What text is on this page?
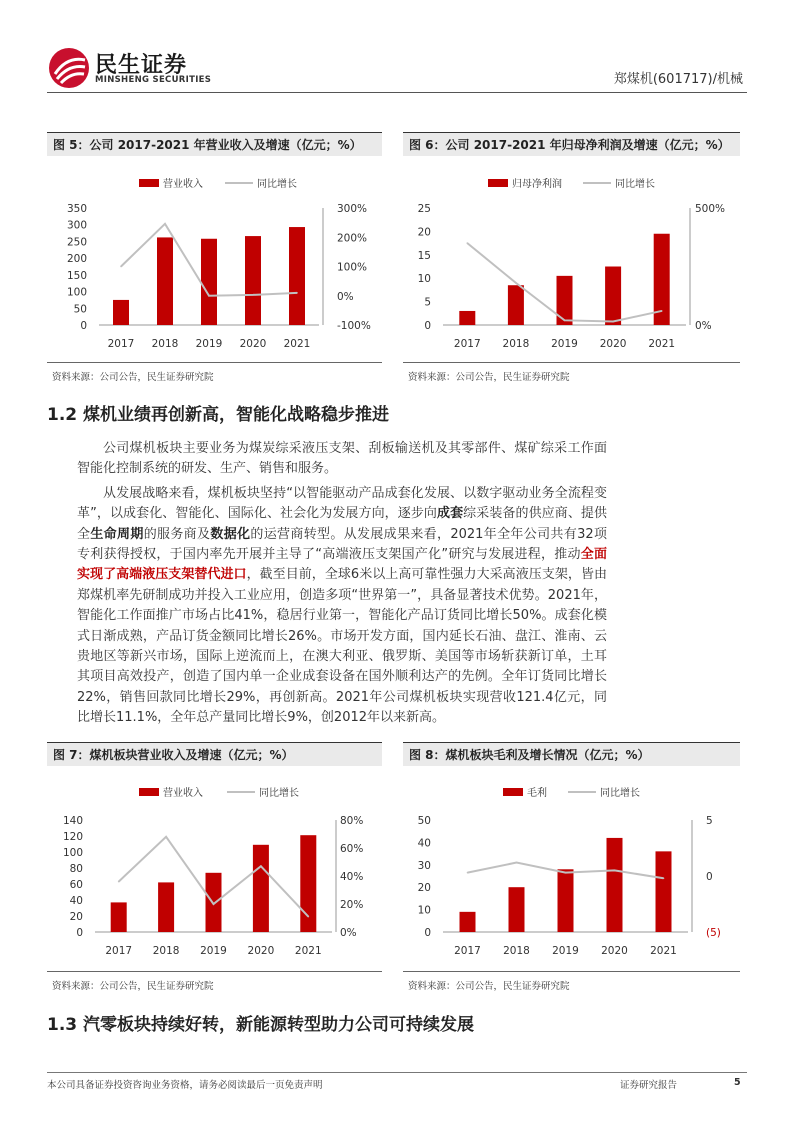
民生证券
MINSHENG SECURITIES	郑煤机(601717)/机械
图 5：公司 2017-2021 年营业收入及增速（亿元；%）
营业收入	同比增长
350
300
250
200
150
100
50
0
300%
200%
100%
0%
-100%
2017 2018 2019 2020 2021
资料来源：公司公告，民生证券研究院
图 6：公司 2017-2021 年归母净利润及增速（亿元；%）
归母净利润	同比增长
25
20
15
10
5
0
500%
0%
2017 2018 2019 2020 2021
资料来源：公司公告，民生证券研究院
1.2 煤机业绩再创新高，智能化战略稳步推进

公司煤机板块主要业务为煤炭综采液压支架、刮板输送机及其零部件、煤矿综采工作面智能化控制系统的研发、生产、销售和服务。

从发展战略来看，煤机板块坚持“以智能驱动产品成套化发展、以数字驱动业务全流程变革”，以成套化、智能化、国际化、社会化为发展方向，逐步向成套综采装备的供应商、提供全生命周期的服务商及数据化的运营商转型。从发展成果来看，2021年全年公司共有32项专利获得授权，于国内率先开展并主导了“高端液压支架国产化”研究与发展进程，推动全面实现了高端液压支架替代进口，截至目前，全球6米以上高可靠性强力大采高液压支架，皆由郑煤机率先研制成功并投入工业应用，创造多项“世界第一”，具备显著技术优势。2021年，智能化工作面推广市场占比41%，稳居行业第一，智能化产品订货同比增长50%。成套化模式日渐成熟，产品订货金额同比增长26%。市场开发方面，国内延长石油、盘江、淮南、云贵地区等新兴市场，国际上逆流而上，在澳大利亚、俄罗斯、美国等市场斩获新订单，土耳其项目高效投产，创造了国内单一企业成套设备在国外顺利达产的先例。全年订货同比增长22%，销售回款同比增长29%，再创新高。2021年公司煤机板块实现营收121.4亿元，同比增长11.1%，全年总产量同比增长9%，创2012年以来新高。

图 7：煤机板块营业收入及增速（亿元；%）
营业收入	同比增长
140
120
100
80
60
40
20
0
80%
60%
40%
20%
0%
2017 2018 2019 2020 2021
资料来源：公司公告，民生证券研究院
图 8：煤机板块毛利及增长情况（亿元；%）
毛利	同比增长
50
40
30
20
10
0
5
0
(5)
2017 2018 2019 2020 2021
资料来源：公司公告，民生证券研究院
1.3 汽零板块持续好转，新能源转型助力公司可持续发展
本公司具备证券投资咨询业务资格，请务必阅读最后一页免责声明	证券研究报告	5
